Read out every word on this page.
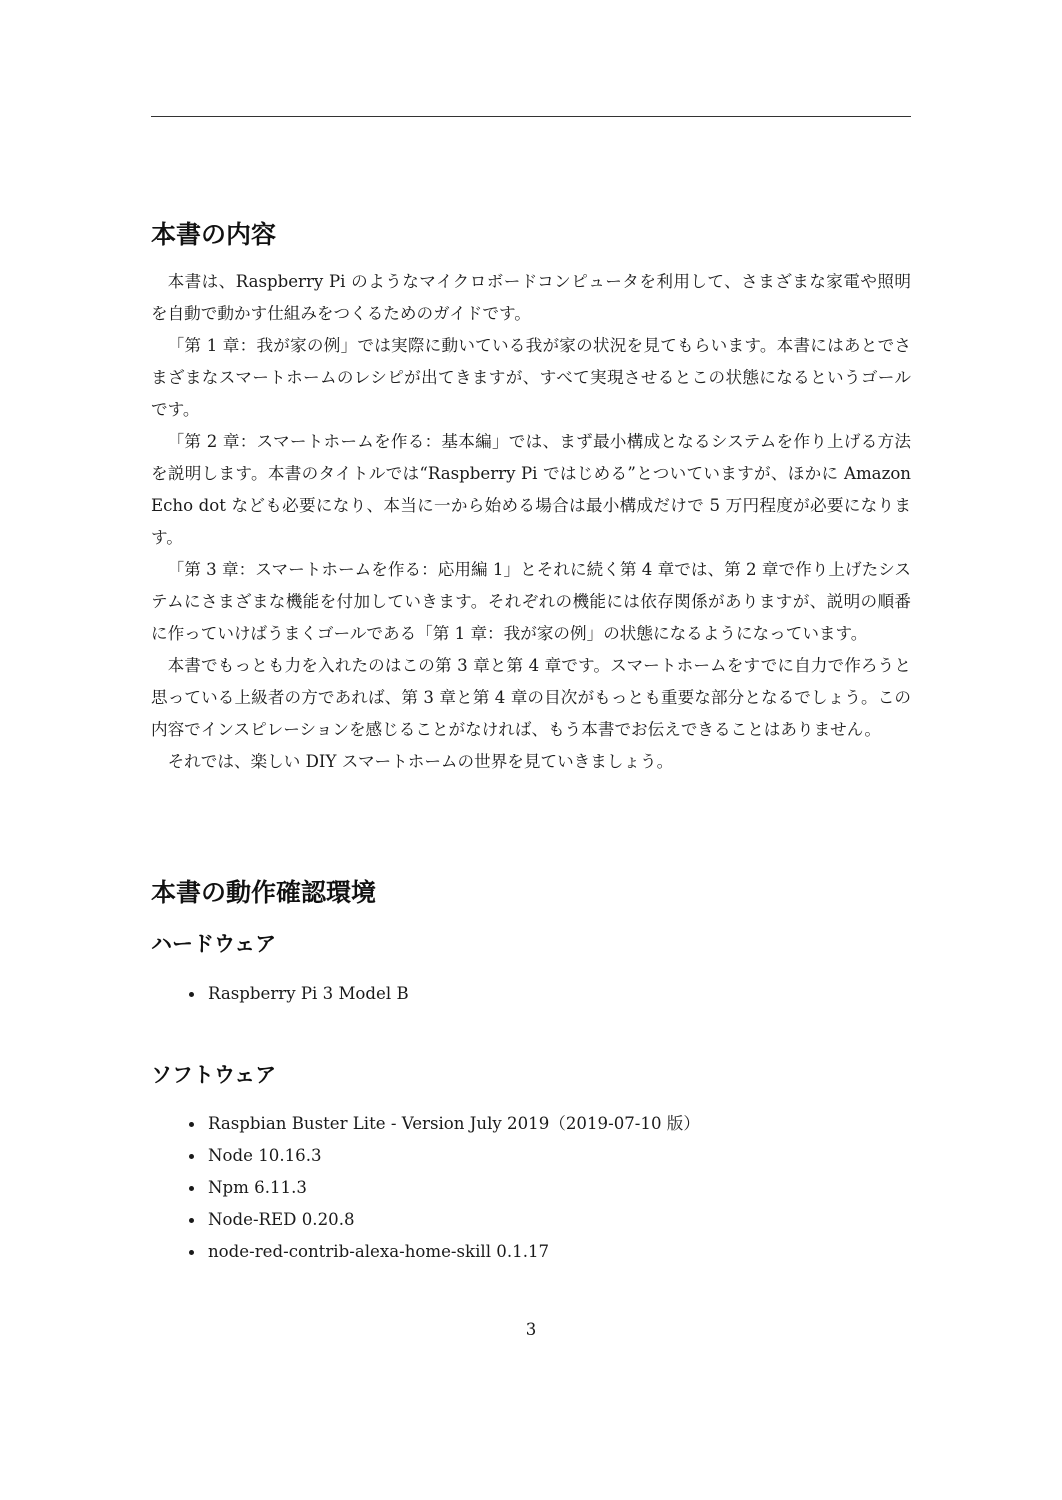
本書の内容

本書は、Raspberry Pi のようなマイクロボードコンピュータを利用して、さまざまな家電や照明を自動で動かす仕組みをつくるためのガイドです。

「第 1 章：我が家の例」では実際に動いている我が家の状況を見てもらいます。本書にはあとでさまざまなスマートホームのレシピが出てきますが、すべて実現させるとこの状態になるというゴールです。

「第 2 章：スマートホームを作る：基本編」では、まず最小構成となるシステムを作り上げる方法を説明します。本書のタイトルでは“Raspberry Pi ではじめる”とついていますが、ほかに Amazon Echo dot なども必要になり、本当に一から始める場合は最小構成だけで 5 万円程度が必要になります。

「第 3 章：スマートホームを作る：応用編 1」とそれに続く第 4 章では、第 2 章で作り上げたシステムにさまざまな機能を付加していきます。それぞれの機能には依存関係がありますが、説明の順番に作っていけばうまくゴールである「第 1 章：我が家の例」の状態になるようになっています。

本書でもっとも力を入れたのはこの第 3 章と第 4 章です。スマートホームをすでに自力で作ろうと思っている上級者の方であれば、第 3 章と第 4 章の目次がもっとも重要な部分となるでしょう。この内容でインスピレーションを感じることがなければ、もう本書でお伝えできることはありません。

それでは、楽しい DIY スマートホームの世界を見ていきましょう。

本書の動作確認環境
ハードウェア
Raspberry Pi 3 Model B
ソフトウェア
Raspbian Buster Lite - Version July 2019（2019-07-10 版）
Node 10.16.3
Npm 6.11.3
Node-RED 0.20.8
node-red-contrib-alexa-home-skill 0.1.17
3
